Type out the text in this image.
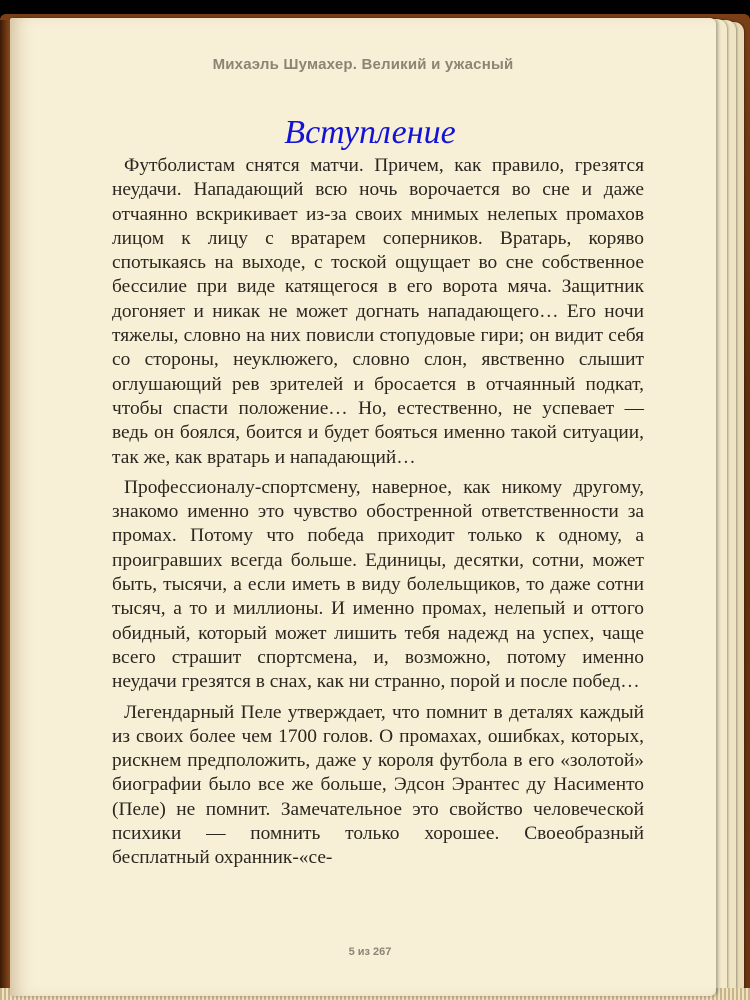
Михаэль Шумахер. Великий и ужасный
Вступление

Футболистам снятся матчи. Причем, как правило, грезятся неудачи. Нападающий всю ночь ворочается во сне и даже отчаянно вскрикивает из-за своих мнимых нелепых промахов лицом к лицу с вратарем соперников. Вратарь, коряво спотыкаясь на выходе, с тоской ощущает во сне собственное бессилие при виде катящегося в его ворота мяча. Защитник догоняет и никак не может догнать нападающего… Его ночи тяжелы, словно на них повисли стопудовые гири; он видит себя со стороны, неуклюжего, словно слон, явственно слышит оглушающий рев зрителей и бросается в отчаянный подкат, чтобы спасти положение… Но, естественно, не успевает — ведь он боялся, боится и будет бояться именно такой ситуации, так же, как вратарь и нападающий…

Профессионалу-спортсмену, наверное, как никому другому, знакомо именно это чувство обостренной ответственности за промах. Потому что победа приходит только к одному, а проигравших всегда больше. Единицы, десятки, сотни, может быть, тысячи, а если иметь в виду болельщиков, то даже сотни тысяч, а то и миллионы. И именно промах, нелепый и оттого обидный, который может лишить тебя надежд на успех, чаще всего страшит спортсмена, и, возможно, потому именно неудачи грезятся в снах, как ни странно, порой и после побед…

Легендарный Пеле утверждает, что помнит в деталях каждый из своих более чем 1700 голов. О промахах, ошибках, которых, рискнем предположить, даже у короля футбола в его «золотой» биографии было все же больше, Эдсон Эрантес ду Насименто (Пеле) не помнит. Замечательное это свойство человеческой психики — помнить только хорошее. Своеобразный бесплатный охранник-«се-

5 из 267
